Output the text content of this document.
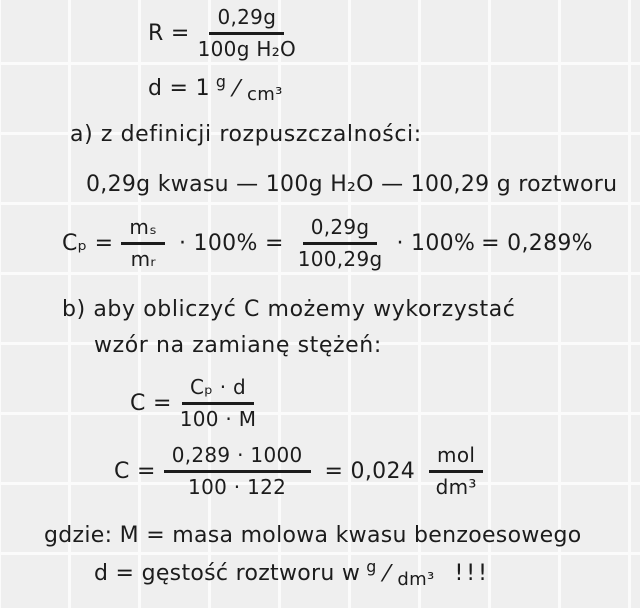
$R = \frac{0,29g}{\text{100g H₂O}}$
d = 1 $^g$ ⁄ $_{cm^3}$
a) z definicji rozpuszczalności:
0,29g kwasu — 100g H₂O — 100,29 g roztworu
$C_p = \frac{\text{mₛ}}{\text{mᵣ}} \cdot 100\% = \frac{0,29g}{100,29g} \cdot 100\% = 0,289\%$
b) aby obliczyć C możemy wykorzystać
wzór na zamianę stężeń:
$C = \frac{\text{Cₚ · d}}{100 \cdot M}$
$C = \frac{0,289 \cdot 1000}{100 \cdot 122} = 0,024 \frac{\text{mol}}{\text{dm³}}$
gdzie: M = masa molowa kwasu benzoesowego
d = gęstość roztworu w $^g$ ⁄ $_{dm^3}$ !!!
